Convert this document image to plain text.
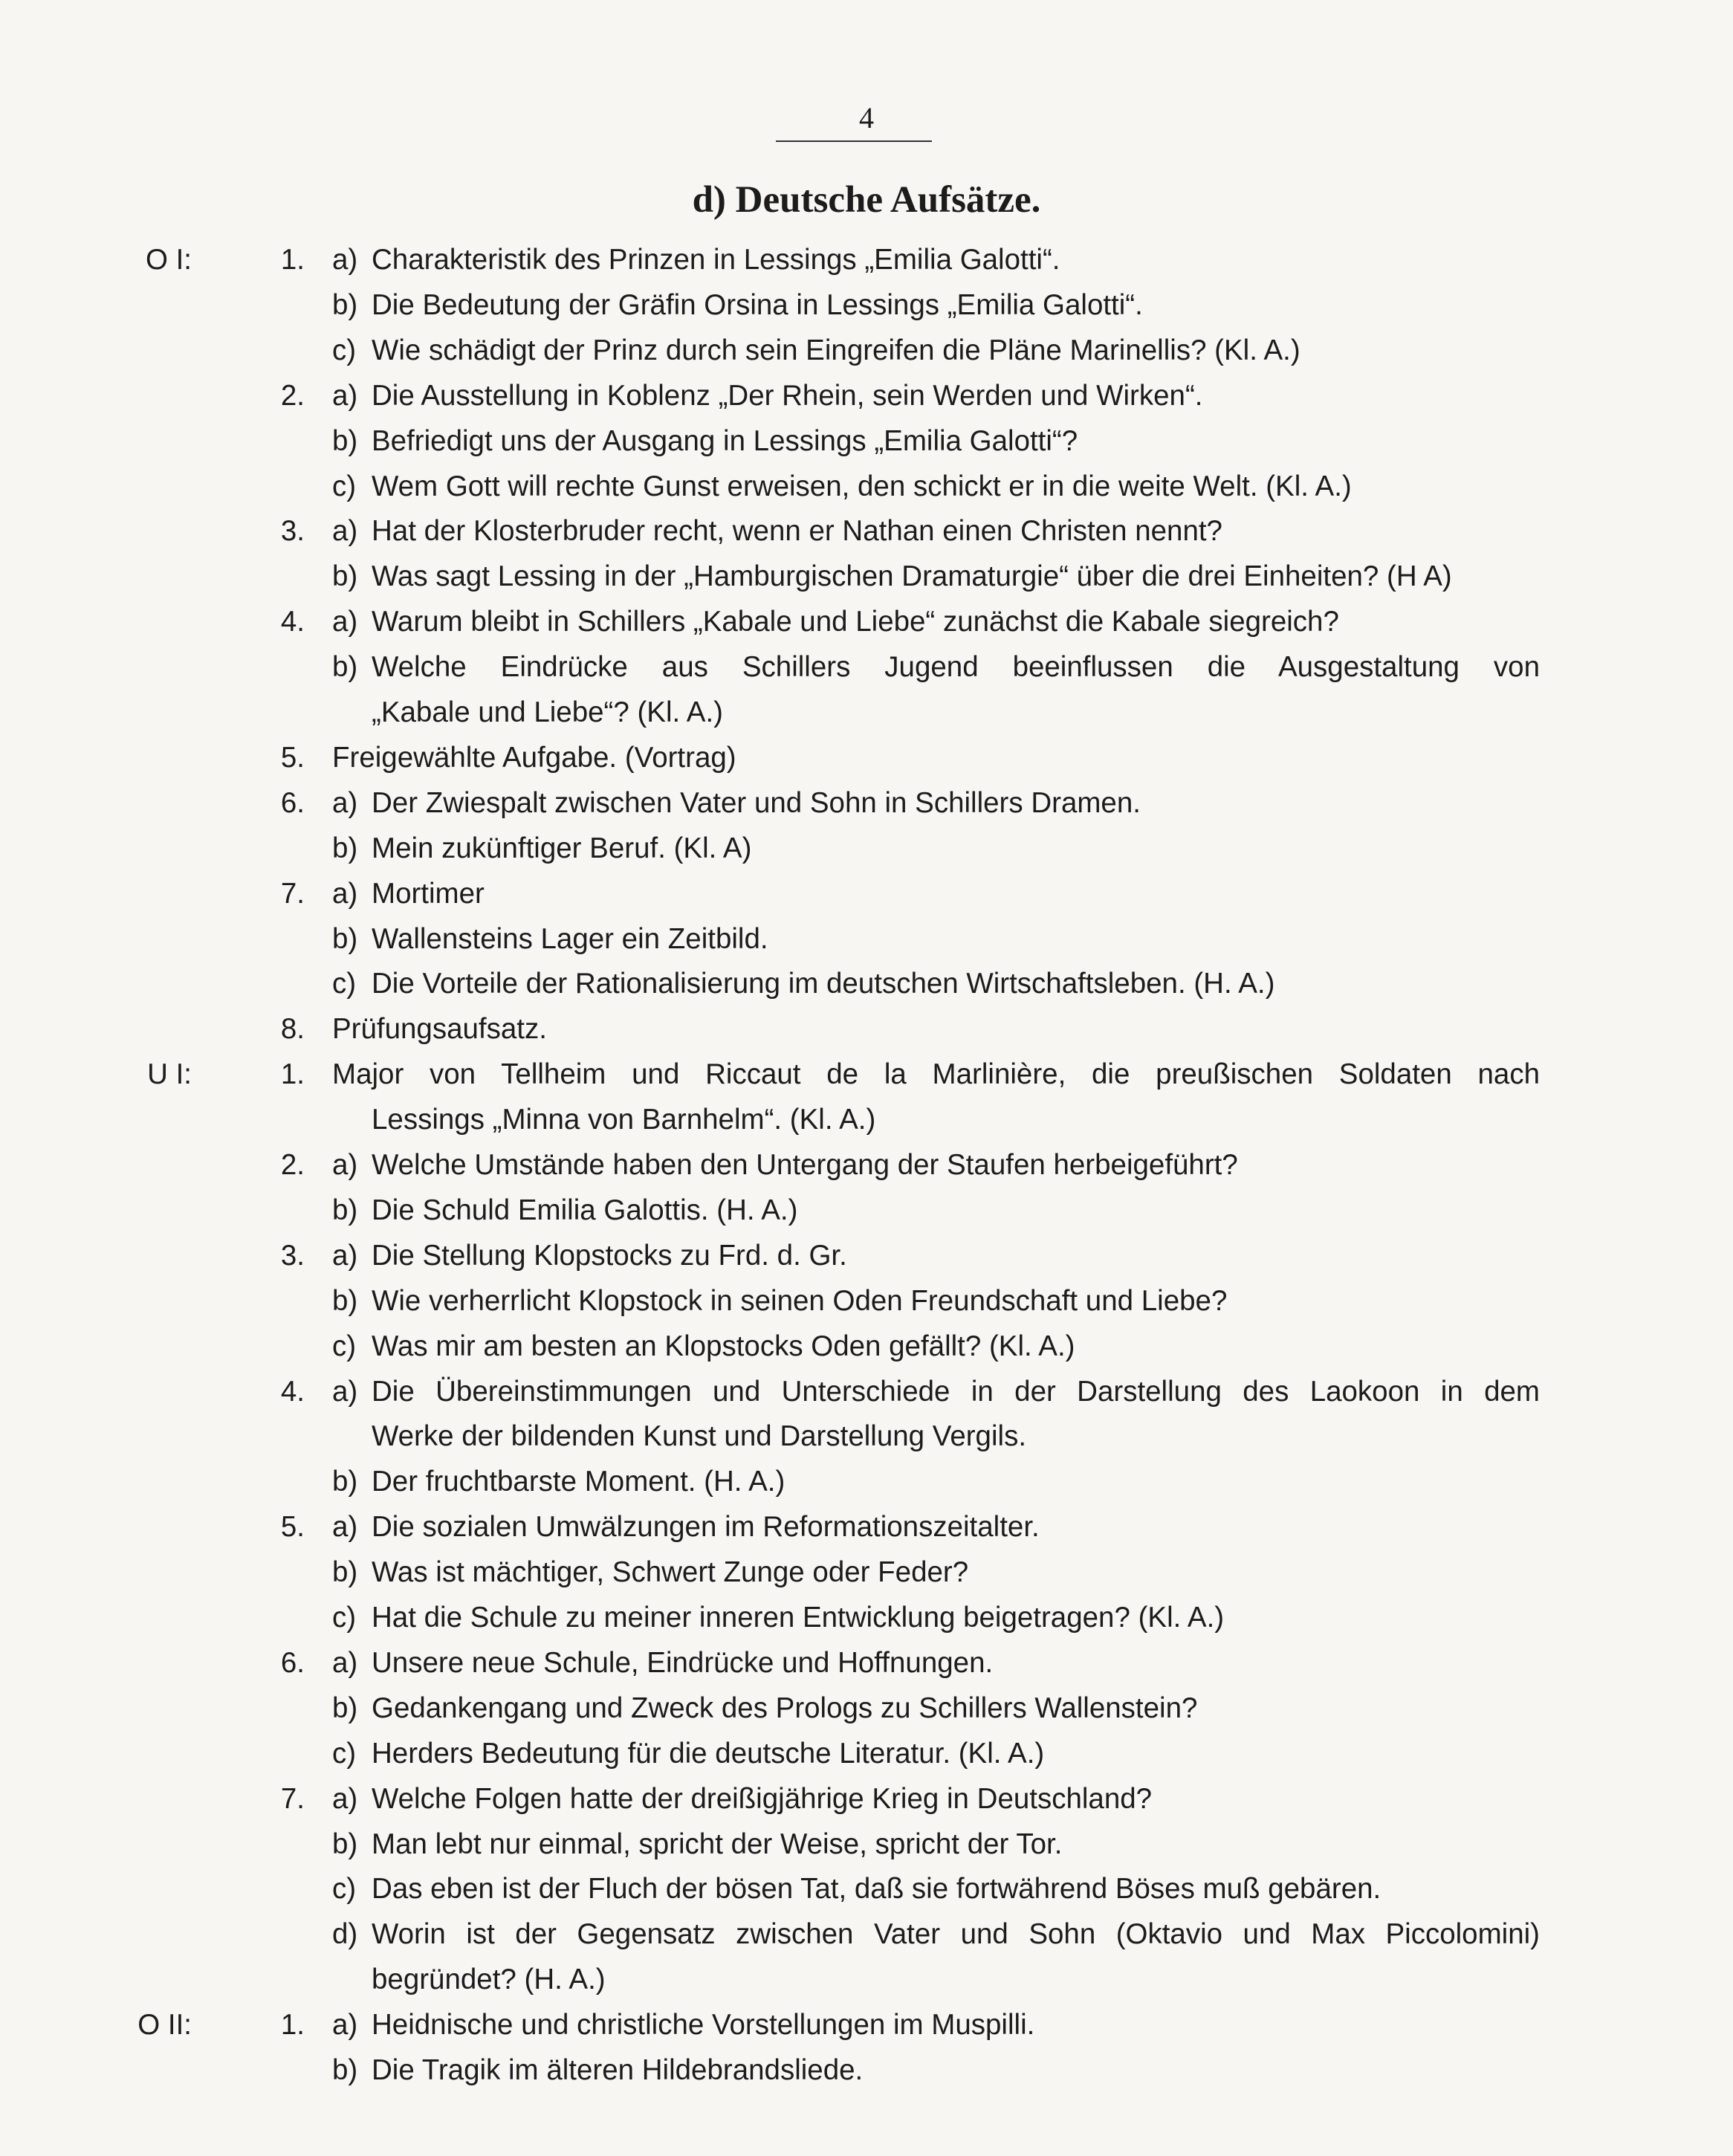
4
d) Deutsche Aufsätze.
O I:	1. a) Charakteristik des Prinzen in Lessings „Emilia Galotti“.
b) Die Bedeutung der Gräfin Orsina in Lessings „Emilia Galotti“.
c) Wie schädigt der Prinz durch sein Eingreifen die Pläne Marinellis? (Kl. A.)
2. a) Die Ausstellung in Koblenz „Der Rhein, sein Werden und Wirken“.
b) Befriedigt uns der Ausgang in Lessings „Emilia Galotti“?
c) Wem Gott will rechte Gunst erweisen, den schickt er in die weite Welt. (Kl. A.)
3. a) Hat der Klosterbruder recht, wenn er Nathan einen Christen nennt?
b) Was sagt Lessing in der „Hamburgischen Dramaturgie“ über die drei Einheiten? (H A)
4. a) Warum bleibt in Schillers „Kabale und Liebe“ zunächst die Kabale siegreich?
b) Welche Eindrücke aus Schillers Jugend beeinflussen die Ausgestaltung von
„Kabale und Liebe“? (Kl. A.)
5. Freigewählte Aufgabe. (Vortrag)
6. a) Der Zwiespalt zwischen Vater und Sohn in Schillers Dramen.
b) Mein zukünftiger Beruf. (Kl. A)
7. a) Mortimer
b) Wallensteins Lager ein Zeitbild.
c) Die Vorteile der Rationalisierung im deutschen Wirtschaftsleben. (H. A.)
8. Prüfungsaufsatz.
U I:	1. Major von Tellheim und Riccaut de la Marlinière, die preußischen Soldaten nach
Lessings „Minna von Barnhelm“. (Kl. A.)
2. a) Welche Umstände haben den Untergang der Staufen herbeigeführt?
b) Die Schuld Emilia Galottis. (H. A.)
3. a) Die Stellung Klopstocks zu Frd. d. Gr.
b) Wie verherrlicht Klopstock in seinen Oden Freundschaft und Liebe?
c) Was mir am besten an Klopstocks Oden gefällt? (Kl. A.)
4. a) Die Übereinstimmungen und Unterschiede in der Darstellung des Laokoon in dem
Werke der bildenden Kunst und Darstellung Vergils.
b) Der fruchtbarste Moment. (H. A.)
5. a) Die sozialen Umwälzungen im Reformationszeitalter.
b) Was ist mächtiger, Schwert Zunge oder Feder?
c) Hat die Schule zu meiner inneren Entwicklung beigetragen? (Kl. A.)
6. a) Unsere neue Schule, Eindrücke und Hoffnungen.
b) Gedankengang und Zweck des Prologs zu Schillers Wallenstein?
c) Herders Bedeutung für die deutsche Literatur. (Kl. A.)
7. a) Welche Folgen hatte der dreißigjährige Krieg in Deutschland?
b) Man lebt nur einmal, spricht der Weise, spricht der Tor.
c) Das eben ist der Fluch der bösen Tat, daß sie fortwährend Böses muß gebären.
d) Worin ist der Gegensatz zwischen Vater und Sohn (Oktavio und Max Piccolomini)
begründet? (H. A.)
O II:	1. a) Heidnische und christliche Vorstellungen im Muspilli.
b) Die Tragik im älteren Hildebrandsliede.
